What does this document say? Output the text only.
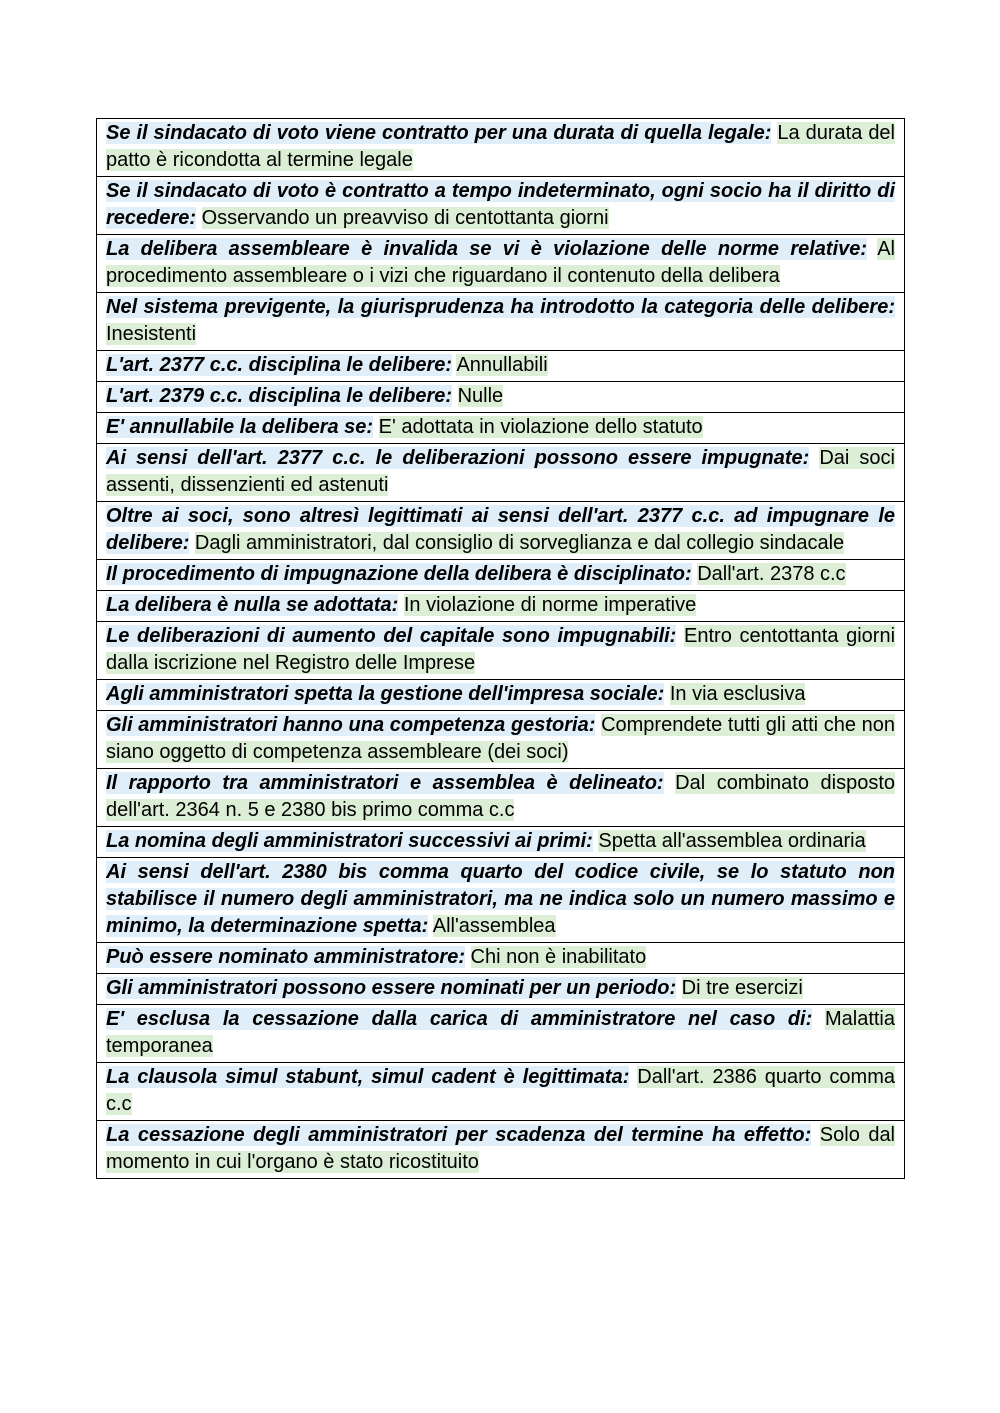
Se il sindacato di voto viene contratto per una durata di quella legale: La durata del patto è ricondotta al termine legale
Se il sindacato di voto è contratto a tempo indeterminato, ogni socio ha il diritto di recedere: Osservando un preavviso di centottanta giorni
La delibera assembleare è invalida se vi è violazione delle norme relative: Al procedimento assembleare o i vizi che riguardano il contenuto della delibera
Nel sistema previgente, la giurisprudenza ha introdotto la categoria delle delibere: Inesistenti
L'art. 2377 c.c. disciplina le delibere: Annullabili
L'art. 2379 c.c. disciplina le delibere: Nulle
E' annullabile la delibera se: E' adottata in violazione dello statuto
Ai sensi dell'art. 2377 c.c. le deliberazioni possono essere impugnate: Dai soci assenti, dissenzienti ed astenuti
Oltre ai soci, sono altresì legittimati ai sensi dell'art. 2377 c.c. ad impugnare le delibere: Dagli amministratori, dal consiglio di sorveglianza e dal collegio sindacale
Il procedimento di impugnazione della delibera è disciplinato: Dall'art. 2378 c.c
La delibera è nulla se adottata: In violazione di norme imperative
Le deliberazioni di aumento del capitale sono impugnabili: Entro centottanta giorni dalla iscrizione nel Registro delle Imprese
Agli amministratori spetta la gestione dell'impresa sociale: In via esclusiva
Gli amministratori hanno una competenza gestoria: Comprendete tutti gli atti che non siano oggetto di competenza assembleare (dei soci)
Il rapporto tra amministratori e assemblea è delineato: Dal combinato disposto dell'art. 2364 n. 5 e 2380 bis primo comma c.c
La nomina degli amministratori successivi ai primi: Spetta all'assemblea ordinaria
Ai sensi dell'art. 2380 bis comma quarto del codice civile, se lo statuto non stabilisce il numero degli amministratori, ma ne indica solo un numero massimo e minimo, la determinazione spetta: All'assemblea
Può essere nominato amministratore: Chi non è inabilitato
Gli amministratori possono essere nominati per un periodo: Di tre esercizi
E' esclusa la cessazione dalla carica di amministratore nel caso di: Malattia temporanea
La clausola simul stabunt, simul cadent è legittimata: Dall'art. 2386 quarto comma c.c
La cessazione degli amministratori per scadenza del termine ha effetto: Solo dal momento in cui l'organo è stato ricostituito
